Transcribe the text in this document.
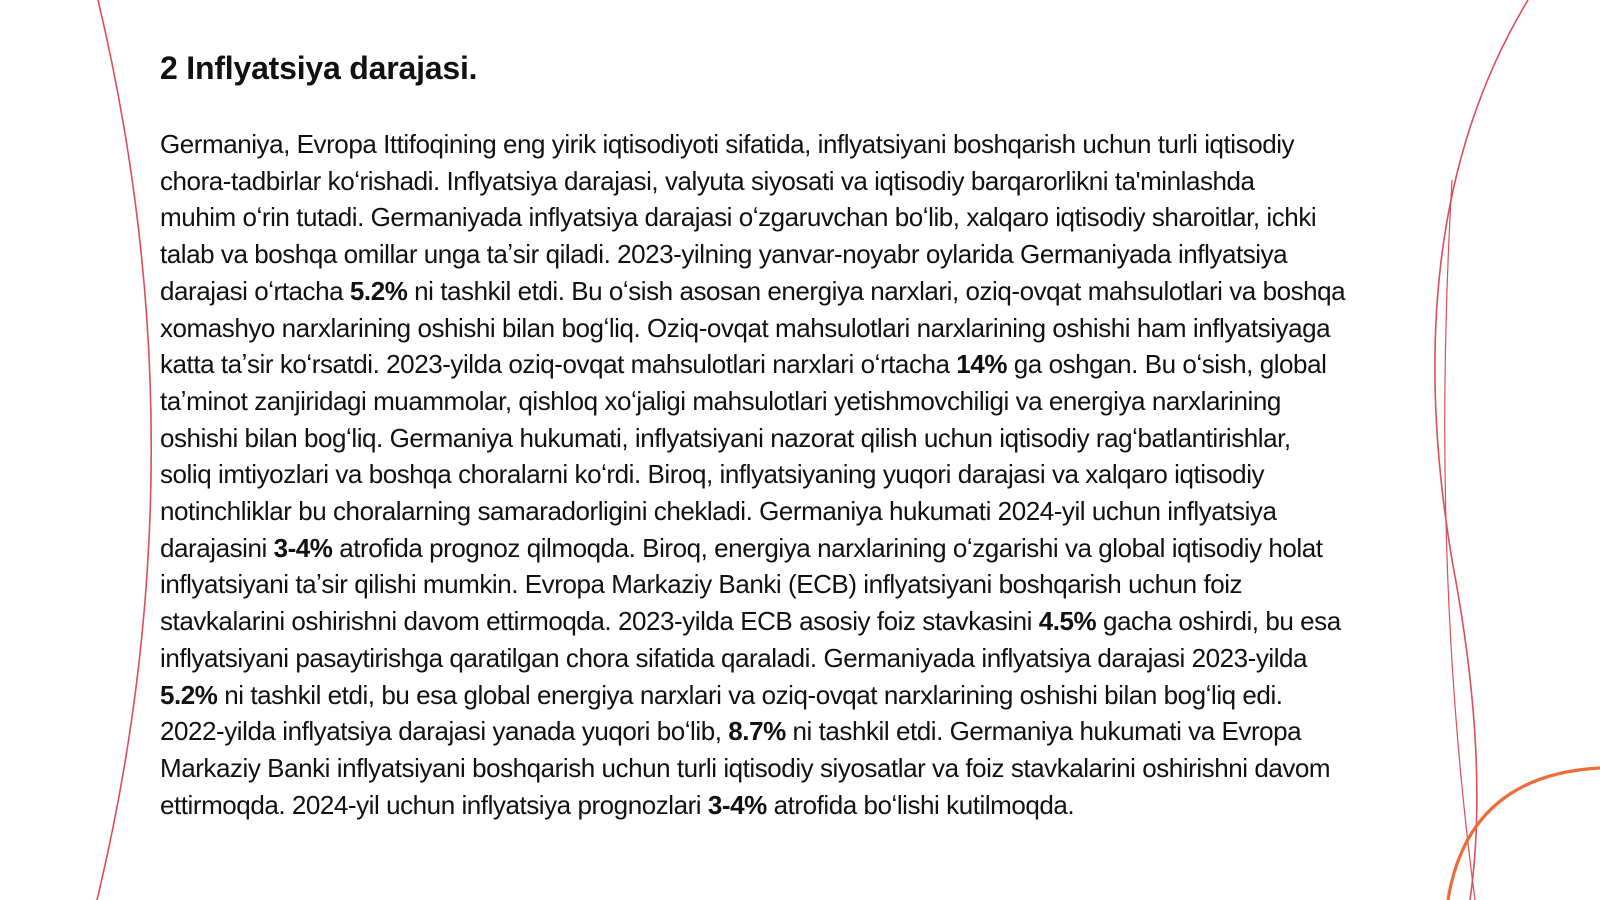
2 Inflyatsiya darajasi.
Germaniya, Evropa Ittifoqining eng yirik iqtisodiyoti sifatida, inflyatsiyani boshqarish uchun turli iqtisodiy
chora-tadbirlar koʻrishadi. Inflyatsiya darajasi, valyuta siyosati va iqtisodiy barqarorlikni ta'minlashda
muhim oʻrin tutadi. Germaniyada inflyatsiya darajasi oʻzgaruvchan boʻlib, xalqaro iqtisodiy sharoitlar, ichki
talab va boshqa omillar unga taʼsir qiladi. 2023-yilning yanvar-noyabr oylarida Germaniyada inflyatsiya
darajasi oʻrtacha 5.2% ni tashkil etdi. Bu oʻsish asosan energiya narxlari, oziq-ovqat mahsulotlari va boshqa
xomashyo narxlarining oshishi bilan bogʻliq. Oziq-ovqat mahsulotlari narxlarining oshishi ham inflyatsiyaga
katta taʼsir koʻrsatdi. 2023-yilda oziq-ovqat mahsulotlari narxlari oʻrtacha 14% ga oshgan. Bu oʻsish, global
taʼminot zanjiridagi muammolar, qishloq xoʻjaligi mahsulotlari yetishmovchiligi va energiya narxlarining
oshishi bilan bogʻliq. Germaniya hukumati, inflyatsiyani nazorat qilish uchun iqtisodiy ragʻbatlantirishlar,
soliq imtiyozlari va boshqa choralarni koʻrdi. Biroq, inflyatsiyaning yuqori darajasi va xalqaro iqtisodiy
notinchliklar bu choralarning samaradorligini chekladi. Germaniya hukumati 2024-yil uchun inflyatsiya
darajasini 3-4% atrofida prognoz qilmoqda. Biroq, energiya narxlarining oʻzgarishi va global iqtisodiy holat
inflyatsiyani taʼsir qilishi mumkin. Evropa Markaziy Banki (ECB) inflyatsiyani boshqarish uchun foiz
stavkalarini oshirishni davom ettirmoqda. 2023-yilda ECB asosiy foiz stavkasini 4.5% gacha oshirdi, bu esa
inflyatsiyani pasaytirishga qaratilgan chora sifatida qaraladi. Germaniyada inflyatsiya darajasi 2023-yilda
5.2% ni tashkil etdi, bu esa global energiya narxlari va oziq-ovqat narxlarining oshishi bilan bogʻliq edi.
2022-yilda inflyatsiya darajasi yanada yuqori boʻlib, 8.7% ni tashkil etdi. Germaniya hukumati va Evropa
Markaziy Banki inflyatsiyani boshqarish uchun turli iqtisodiy siyosatlar va foiz stavkalarini oshirishni davom
ettirmoqda. 2024-yil uchun inflyatsiya prognozlari 3-4% atrofida boʻlishi kutilmoqda.
